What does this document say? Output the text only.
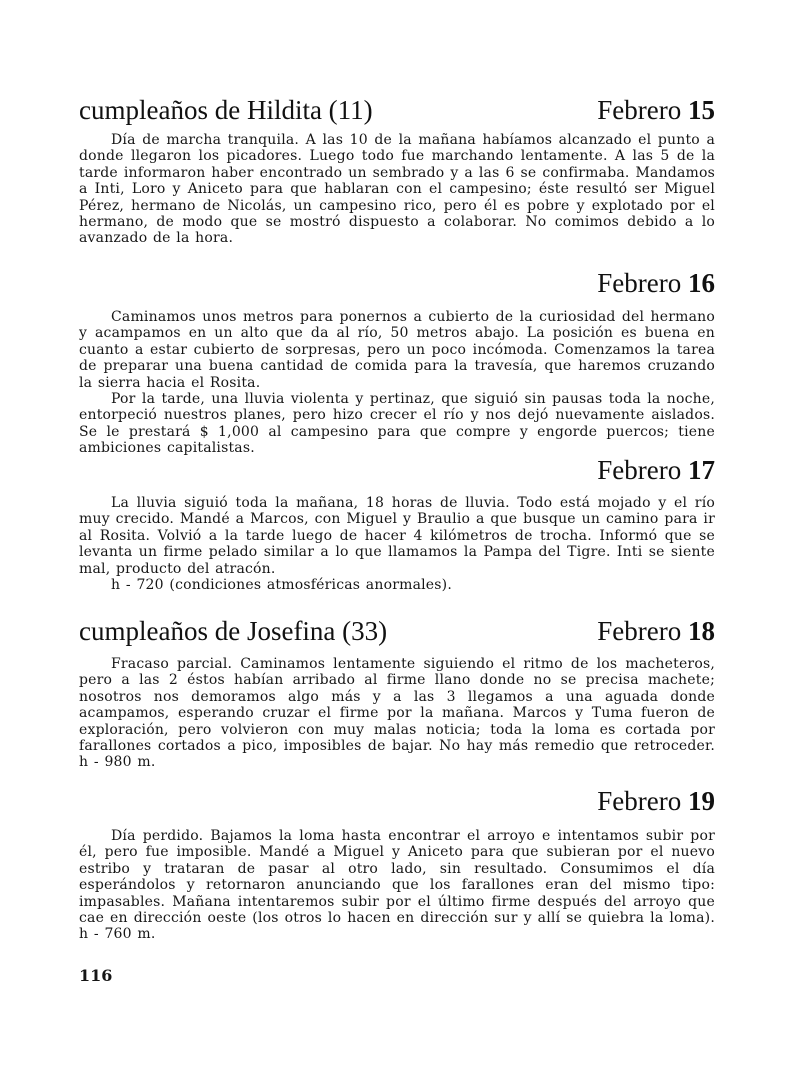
cumpleaños de Hildita (11)	Febrero 15

Día de marcha tranquila. A las 10 de la mañana habíamos alcanzado el punto a donde llegaron los picadores. Luego todo fue marchando lentamente. A las 5 de la tarde informaron haber encontrado un sembrado y a las 6 se confirmaba. Mandamos a Inti, Loro y Aniceto para que hablaran con el campesino; éste resultó ser Miguel Pérez, hermano de Nicolás, un campesino rico, pero él es pobre y explotado por el hermano, de modo que se mostró dispuesto a colaborar. No comimos debido a lo avanzado de la hora.

Febrero 16

Caminamos unos metros para ponernos a cubierto de la curiosidad del hermano y acampamos en un alto que da al río, 50 metros abajo. La posición es buena en cuanto a estar cubierto de sorpresas, pero un poco incómoda. Comenzamos la tarea de preparar una buena cantidad de comida para la travesía, que haremos cruzando la sierra hacia el Rosita.

Por la tarde, una lluvia violenta y pertinaz, que siguió sin pausas toda la noche, entorpeció nuestros planes, pero hizo crecer el río y nos dejó nuevamente aislados. Se le prestará $ 1,000 al campesino para que compre y engorde puercos; tiene ambiciones capitalistas.

Febrero 17

La lluvia siguió toda la mañana, 18 horas de lluvia. Todo está mojado y el río muy crecido. Mandé a Marcos, con Miguel y Braulio a que busque un camino para ir al Rosita. Volvió a la tarde luego de hacer 4 kilómetros de trocha. Informó que se levanta un firme pelado similar a lo que llamamos la Pampa del Tigre. Inti se siente mal, producto del atracón.

h - 720 (condiciones atmosféricas anormales).

cumpleaños de Josefina (33)	Febrero 18

Fracaso parcial. Caminamos lentamente siguiendo el ritmo de los macheteros, pero a las 2 éstos habían arribado al firme llano donde no se precisa machete; nosotros nos demoramos algo más y a las 3 llegamos a una aguada donde acampamos, esperando cruzar el firme por la mañana. Marcos y Tuma fueron de exploración, pero volvieron con muy malas noticia; toda la loma es cortada por farallones cortados a pico, imposibles de bajar. No hay más remedio que retroceder. h - 980 m.

Febrero 19

Día perdido. Bajamos la loma hasta encontrar el arroyo e intentamos subir por él, pero fue imposible. Mandé a Miguel y Aniceto para que subieran por el nuevo estribo y trataran de pasar al otro lado, sin resultado. Consumimos el día esperándolos y retornaron anunciando que los farallones eran del mismo tipo: impasables. Mañana intentaremos subir por el último firme después del arroyo que cae en dirección oeste (los otros lo hacen en dirección sur y allí se quiebra la loma). h - 760 m.

116
